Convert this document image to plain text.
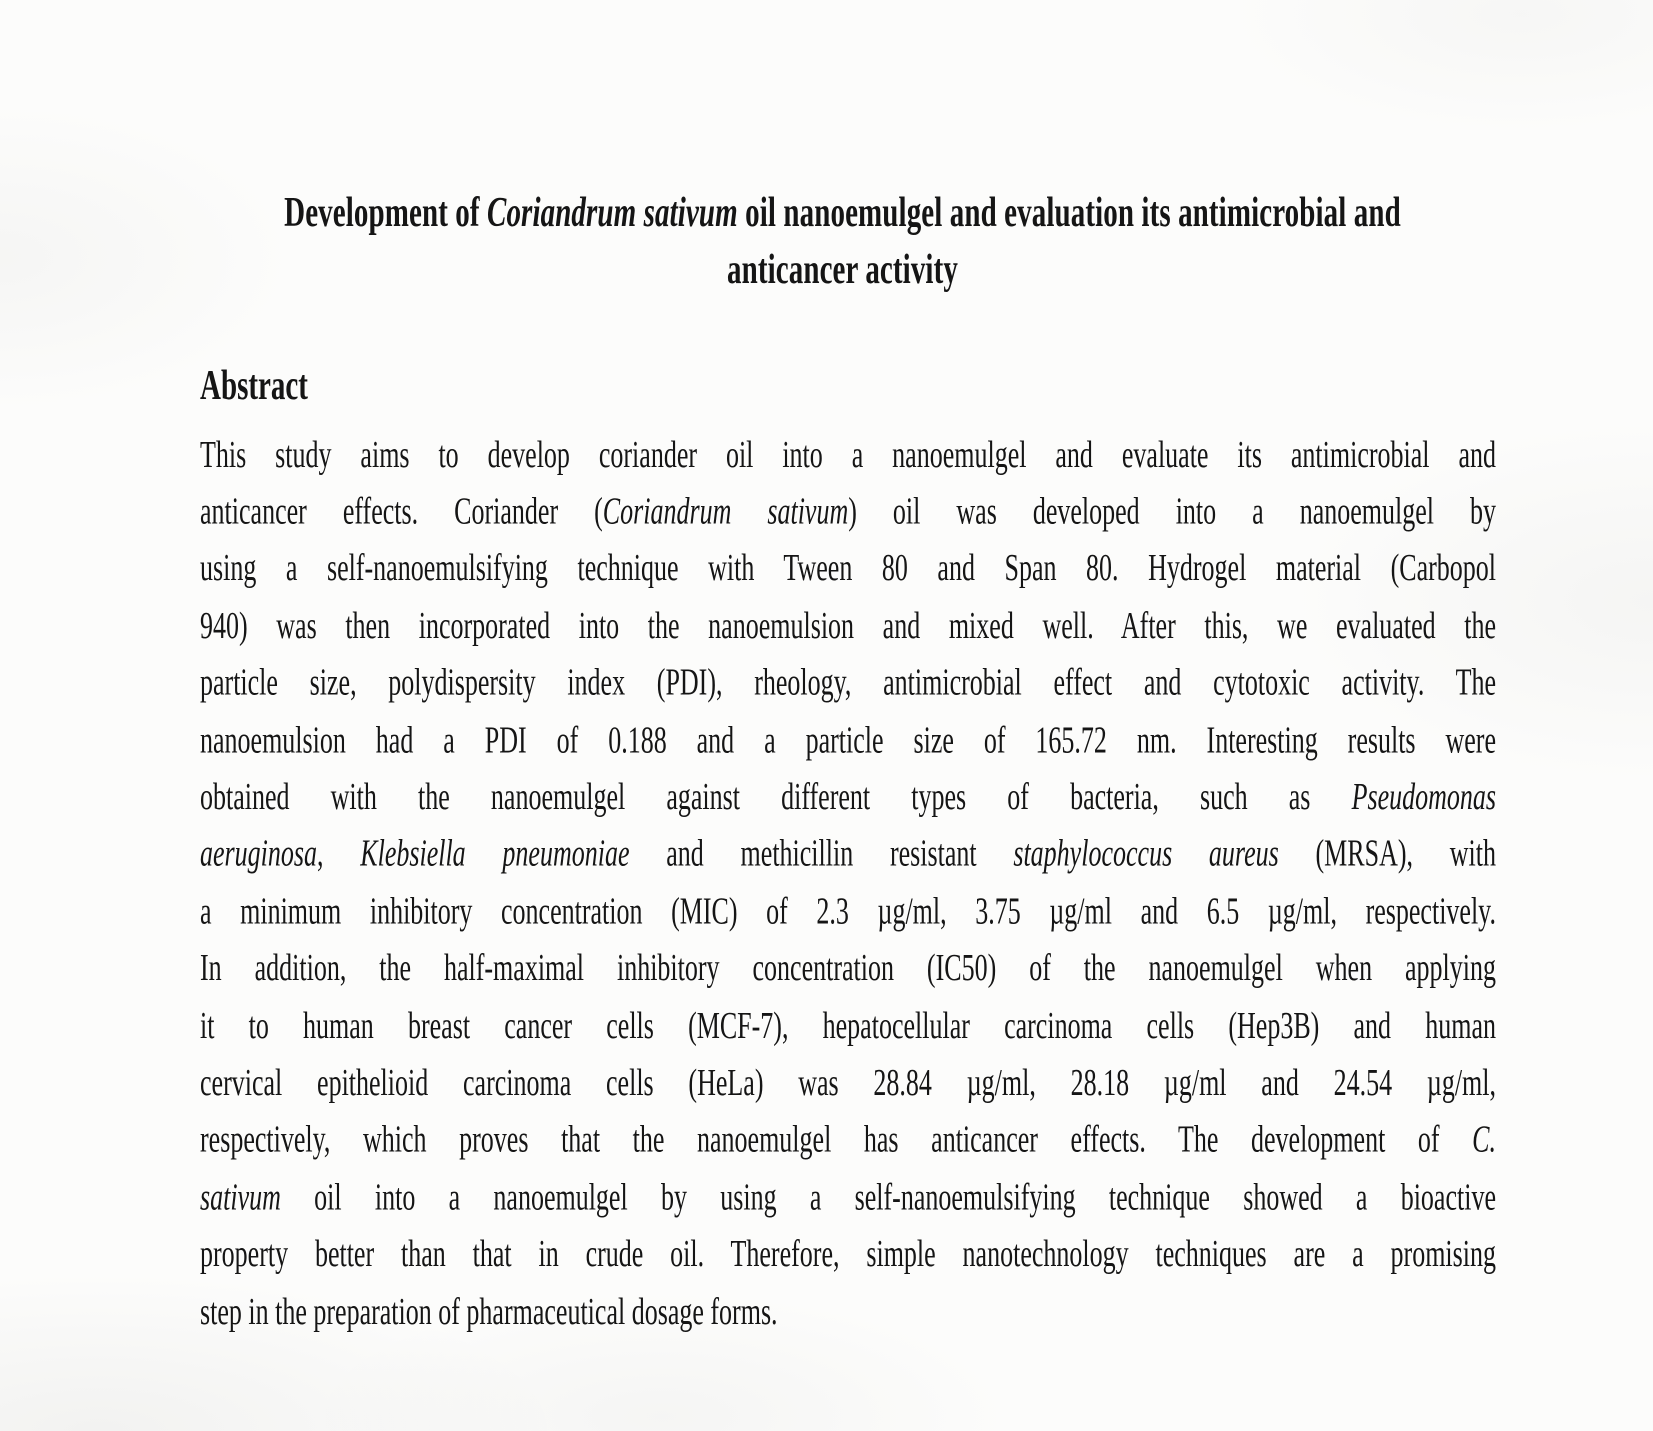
Development of Coriandrum sativum oil nanoemulgel and evaluation its antimicrobial and
anticancer activity
Abstract
This study aims to develop coriander oil into a nanoemulgel and evaluate its antimicrobial and
anticancer effects. Coriander (Coriandrum sativum) oil was developed into a nanoemulgel by
using a self-nanoemulsifying technique with Tween 80 and Span 80. Hydrogel material (Carbopol
940) was then incorporated into the nanoemulsion and mixed well. After this, we evaluated the
particle size, polydispersity index (PDI), rheology, antimicrobial effect and cytotoxic activity. The
nanoemulsion had a PDI of 0.188 and a particle size of 165.72 nm. Interesting results were
obtained with the nanoemulgel against different types of bacteria, such as Pseudomonas
aeruginosa, Klebsiella pneumoniae and methicillin resistant staphylococcus aureus (MRSA), with
a minimum inhibitory concentration (MIC) of 2.3 µg/ml, 3.75 µg/ml and 6.5 µg/ml, respectively.
In addition, the half-maximal inhibitory concentration (IC50) of the nanoemulgel when applying
it to human breast cancer cells (MCF-7), hepatocellular carcinoma cells (Hep3B) and human
cervical epithelioid carcinoma cells (HeLa) was 28.84 µg/ml, 28.18 µg/ml and 24.54 µg/ml,
respectively, which proves that the nanoemulgel has anticancer effects. The development of C.
sativum oil into a nanoemulgel by using a self-nanoemulsifying technique showed a bioactive
property better than that in crude oil. Therefore, simple nanotechnology techniques are a promising
step in the preparation of pharmaceutical dosage forms.
